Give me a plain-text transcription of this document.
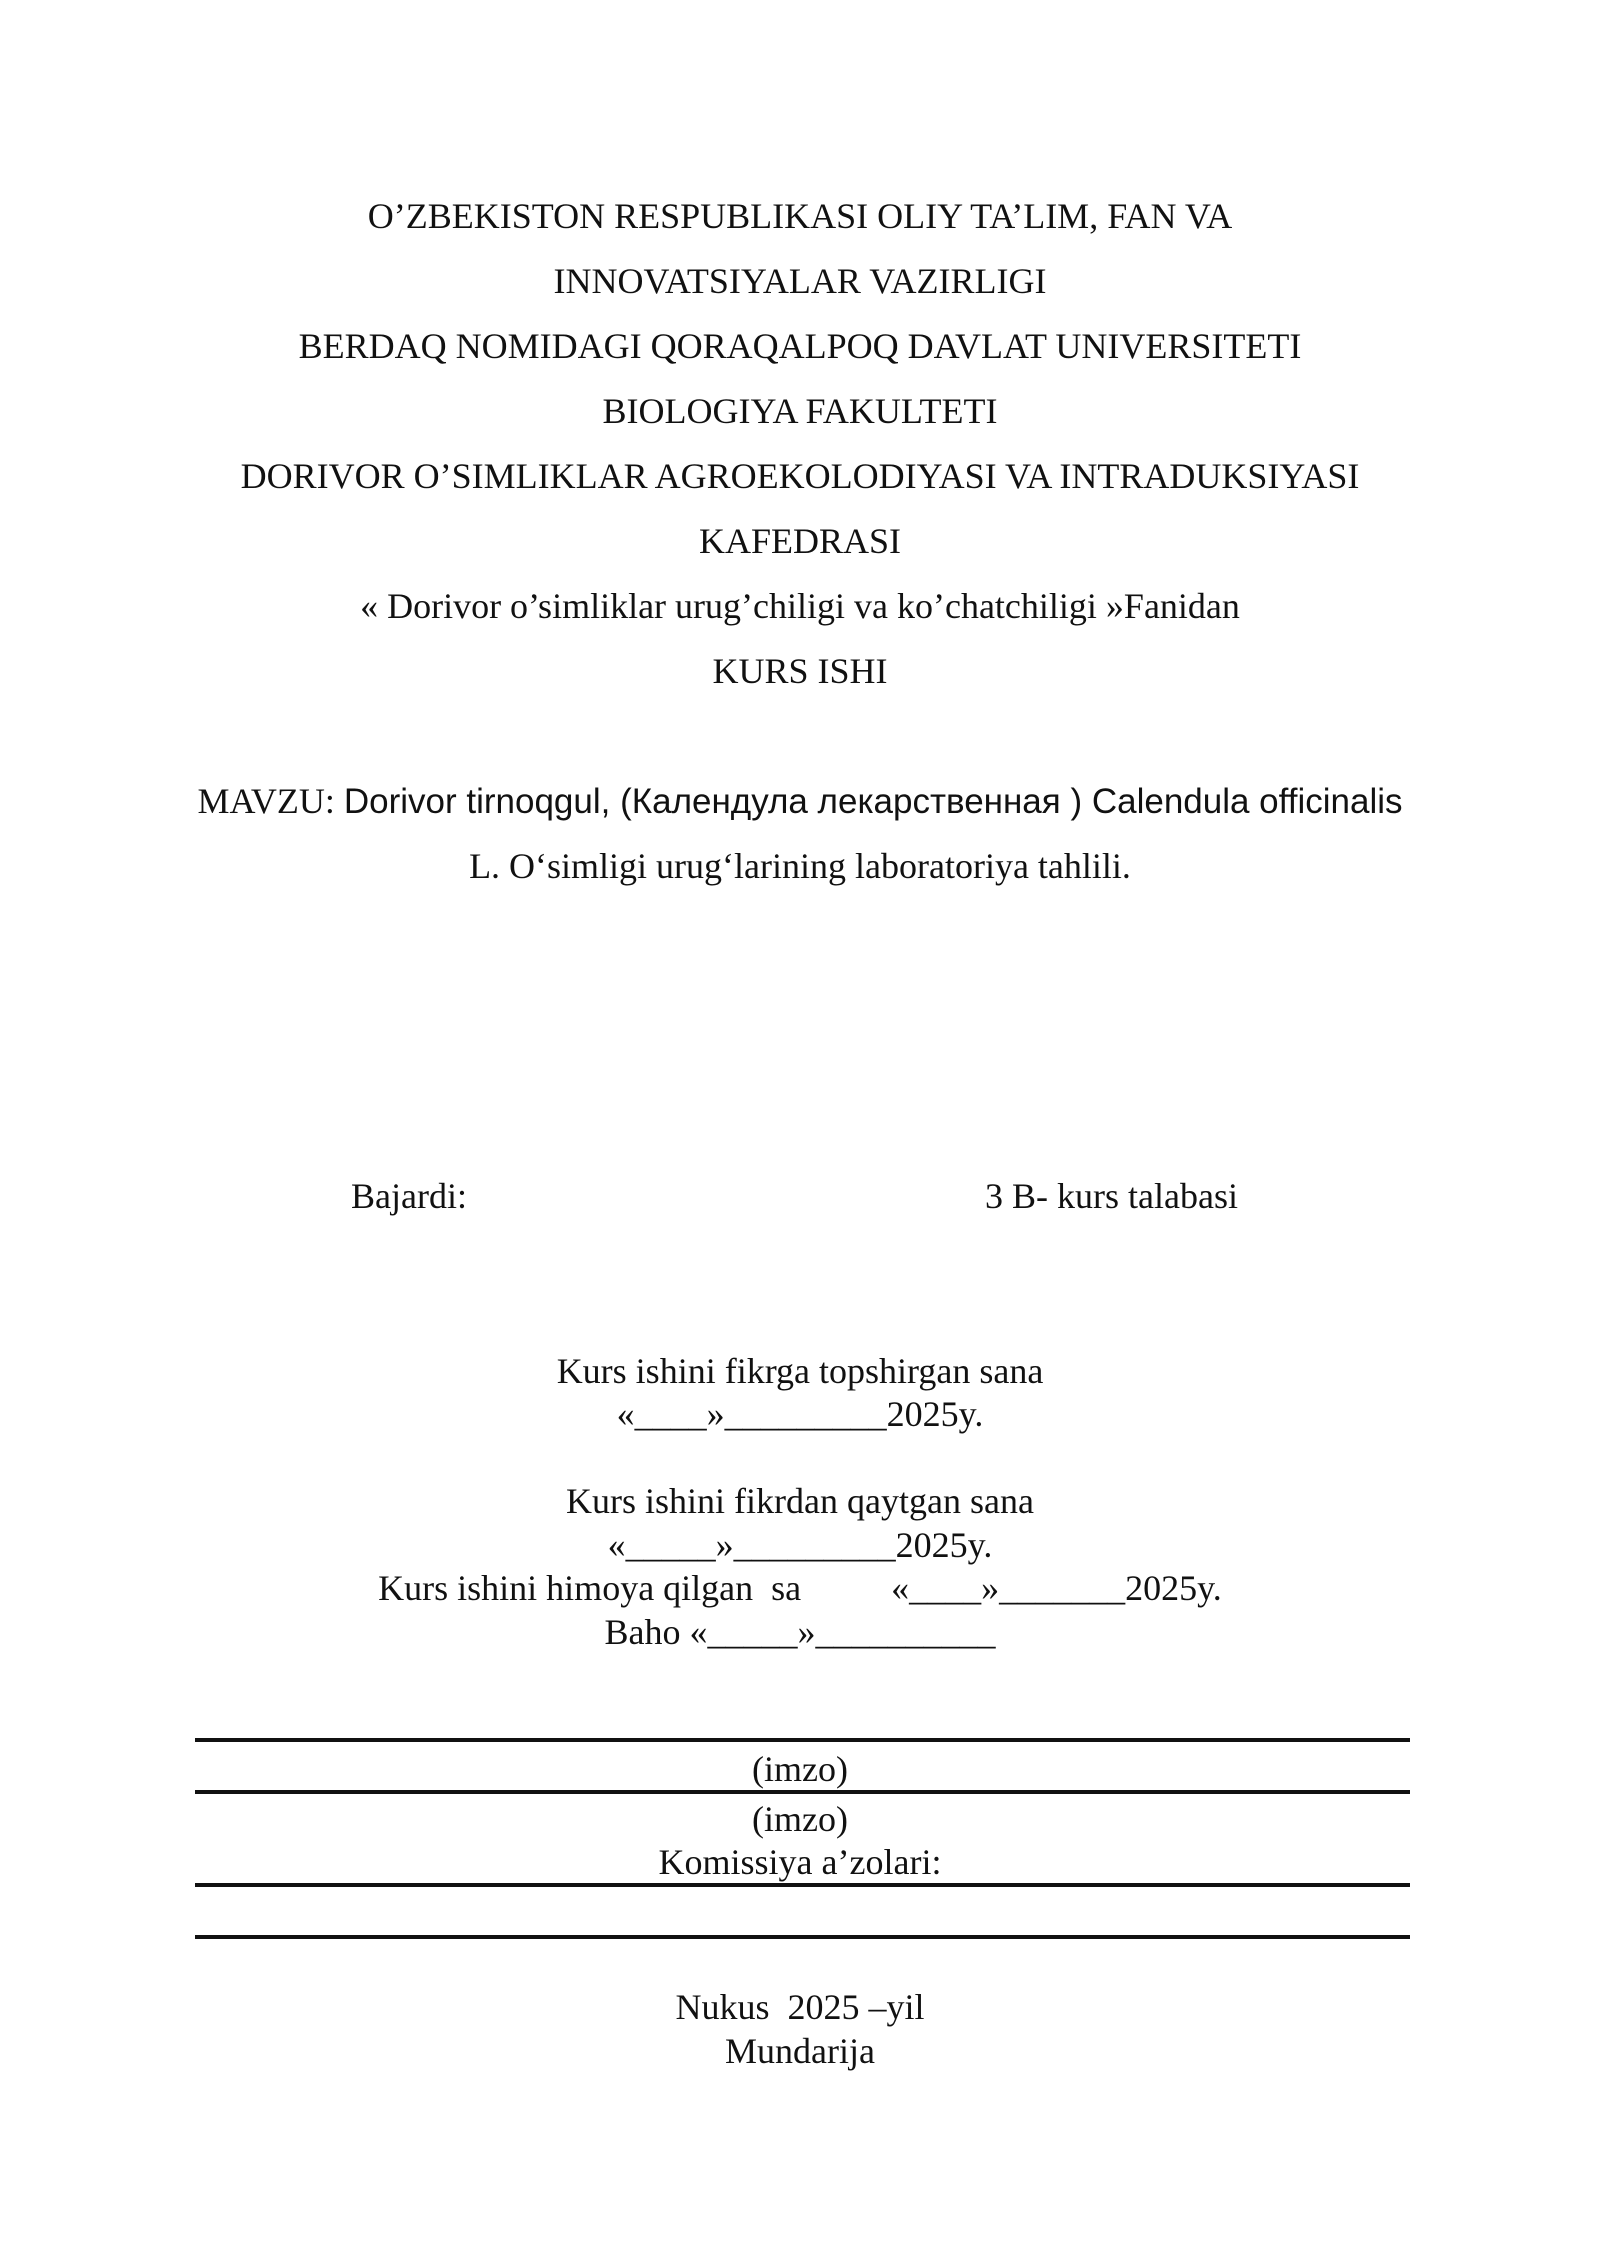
O’ZBEKISTON RESPUBLIKASI OLIY TA’LIM, FAN VA
INNOVATSIYALAR VAZIRLIGI
BERDAQ NOMIDAGI QORAQALPOQ DAVLAT UNIVERSITETI
BIOLOGIYA FAKULTETI
DORIVOR O’SIMLIKLAR AGROEKOLODIYASI VA INTRADUKSIYASI
KAFEDRASI
« Dorivor o’simliklar urug’chiligi va ko’chatchiligi »Fanidan
KURS ISHI
MAVZU: Dorivor tirnoqgul, (Календула лекарственная ) Calendula officinalis
L. O‘simligi urug‘larining laboratoriya tahlili.
Bajardi:	3 B- kurs talabasi
Kurs ishini fikrga topshirgan sana
«____»_________2025y.
Kurs ishini fikrdan qaytgan sana
«_____»_________2025y.
Kurs ishini himoya qilgan  sa	«____»_______2025y.
Baho «_____»__________
(imzo)
(imzo)
Komissiya a’zolari:
Nukus  2025 –yil
Mundarija
